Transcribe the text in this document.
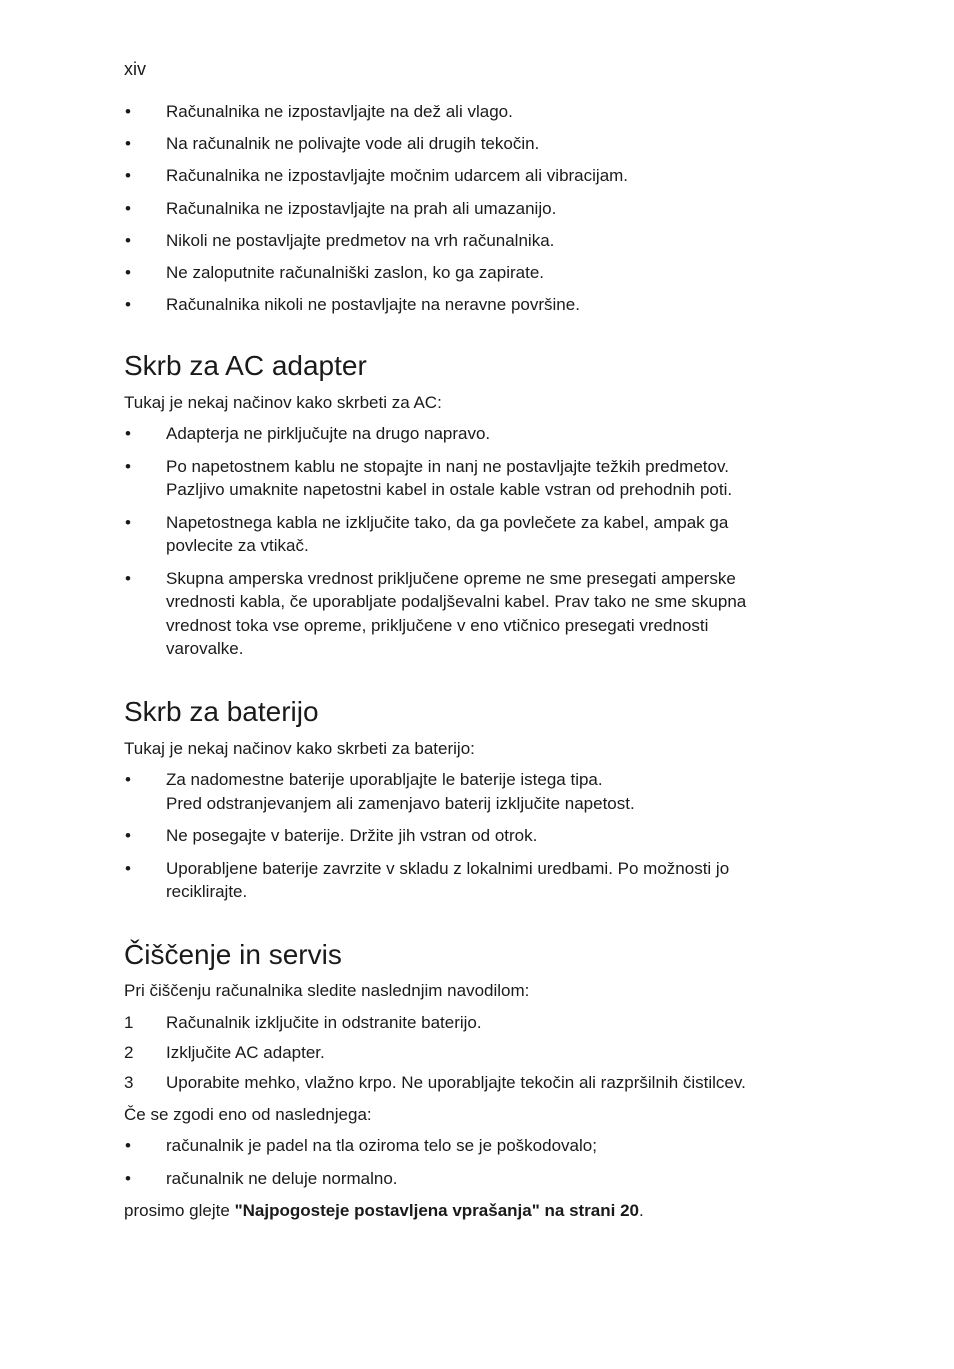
xiv
• Računalnika ne izpostavljajte na dež ali vlago.
• Na računalnik ne polivajte vode ali drugih tekočin.
• Računalnika ne izpostavljajte močnim udarcem ali vibracijam.
• Računalnika ne izpostavljajte na prah ali umazanijo.
• Nikoli ne postavljajte predmetov na vrh računalnika.
• Ne zaloputnite računalniški zaslon, ko ga zapirate.
• Računalnika nikoli ne postavljajte na neravne površine.
Skrb za AC adapter
Tukaj je nekaj načinov kako skrbeti za AC:
• Adapterja ne pirključujte na drugo napravo.
• Po napetostnem kablu ne stopajte in nanj ne postavljajte težkih predmetov.
Pazljivo umaknite napetostni kabel in ostale kable vstran od prehodnih poti.
• Napetostnega kabla ne izključite tako, da ga povlečete za kabel, ampak ga
povlecite za vtikač.
• Skupna amperska vrednost priključene opreme ne sme presegati amperske
vrednosti kabla, če uporabljate podaljševalni kabel. Prav tako ne sme skupna
vrednost toka vse opreme, priključene v eno vtičnico presegati vrednosti
varovalke.
Skrb za baterijo
Tukaj je nekaj načinov kako skrbeti za baterijo:
• Za nadomestne baterije uporabljajte le baterije istega tipa.
Pred odstranjevanjem ali zamenjavo baterij izključite napetost.
• Ne posegajte v baterije. Držite jih vstran od otrok.
• Uporabljene baterije zavrzite v skladu z lokalnimi uredbami. Po možnosti jo
reciklirajte.
Čiščenje in servis
Pri čiščenju računalnika sledite naslednjim navodilom:
1 Računalnik izključite in odstranite baterijo.
2 Izključite AC adapter.
3 Uporabite mehko, vlažno krpo. Ne uporabljajte tekočin ali razpršilnih čistilcev.
Če se zgodi eno od naslednjega:
• računalnik je padel na tla oziroma telo se je poškodovalo;
• računalnik ne deluje normalno.
prosimo glejte "Najpogosteje postavljena vprašanja" na strani 20.
